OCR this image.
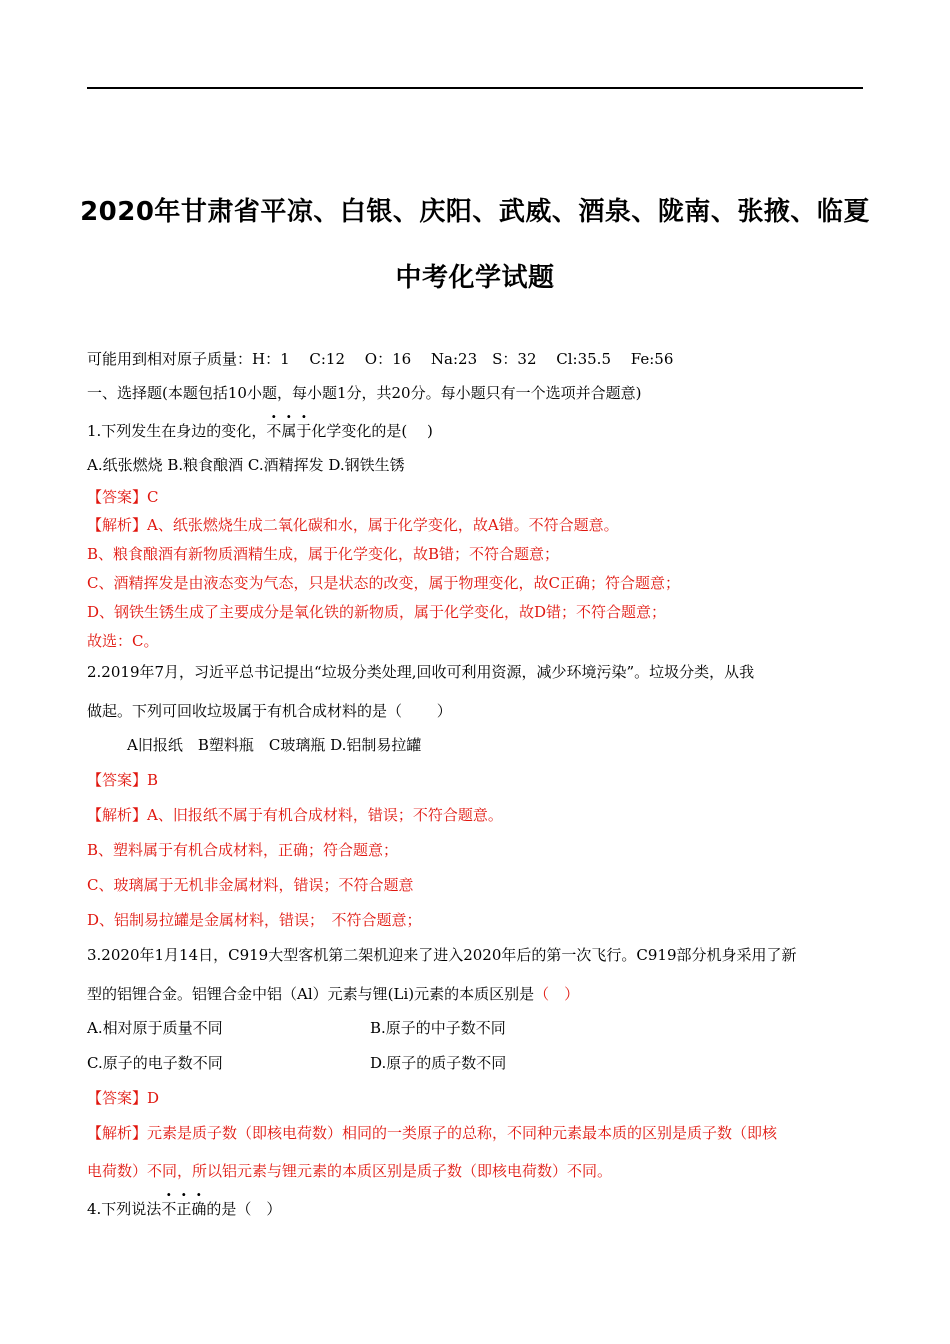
2020年甘肃省平凉、白银、庆阳、武威、酒泉、陇南、张掖、临夏
中考化学试题
可能用到相对原子质量：H：1　 C:12　 O：16　 Na:23　S：32　 Cl:35.5　 Fe:56
一、选择题(本题包括10小题，每小题1分，共20分。每小题只有一个选项并合题意)
1.下列发生在身边的变化，不属于化学变化的是(　 )
A.纸张燃烧 B.粮食酿酒 C.酒精挥发 D.钢铁生锈
【答案】C
【解析】A、纸张燃烧生成二氧化碳和水，属于化学变化，故A错。不符合题意。
B、粮食酿酒有新物质酒精生成，属于化学变化，故B错；不符合题意；
C、酒精挥发是由液态变为气态，只是状态的改变，属于物理变化，故C正确；符合题意；
D、钢铁生锈生成了主要成分是氧化铁的新物质，属于化学变化，故D错；不符合题意；
故选：C。
2.2019年7月，习近平总书记提出“垃圾分类处理,回收可利用资源，减少环境污染”。垃圾分类，从我
做起。下列可回收垃圾属于有机合成材料的是（　　 ）
A旧报纸　B塑料瓶　C玻璃瓶 D.铝制易拉罐
【答案】B
【解析】A、旧报纸不属于有机合成材料，错误；不符合题意。
B、塑料属于有机合成材料，正确；符合题意；
C、玻璃属于无机非金属材料，错误；不符合题意
D、铝制易拉罐是金属材料，错误；　不符合题意；
3.2020年1月14日，C919大型客机第二架机迎来了进入2020年后的第一次飞行。C919部分机身采用了新
型的铝锂合金。铝锂合金中铝（Al）元素与锂(Li)元素的本质区别是（　）
A.相对原于质量不同	B.原子的中子数不同
C.原子的电子数不同	D.原子的质子数不同
【答案】D
【解析】元素是质子数（即核电荷数）相同的一类原子的总称，不同种元素最本质的区别是质子数（即核
电荷数）不同，所以铝元素与锂元素的本质区别是质子数（即核电荷数）不同。
4.下列说法不正确的是（　）
